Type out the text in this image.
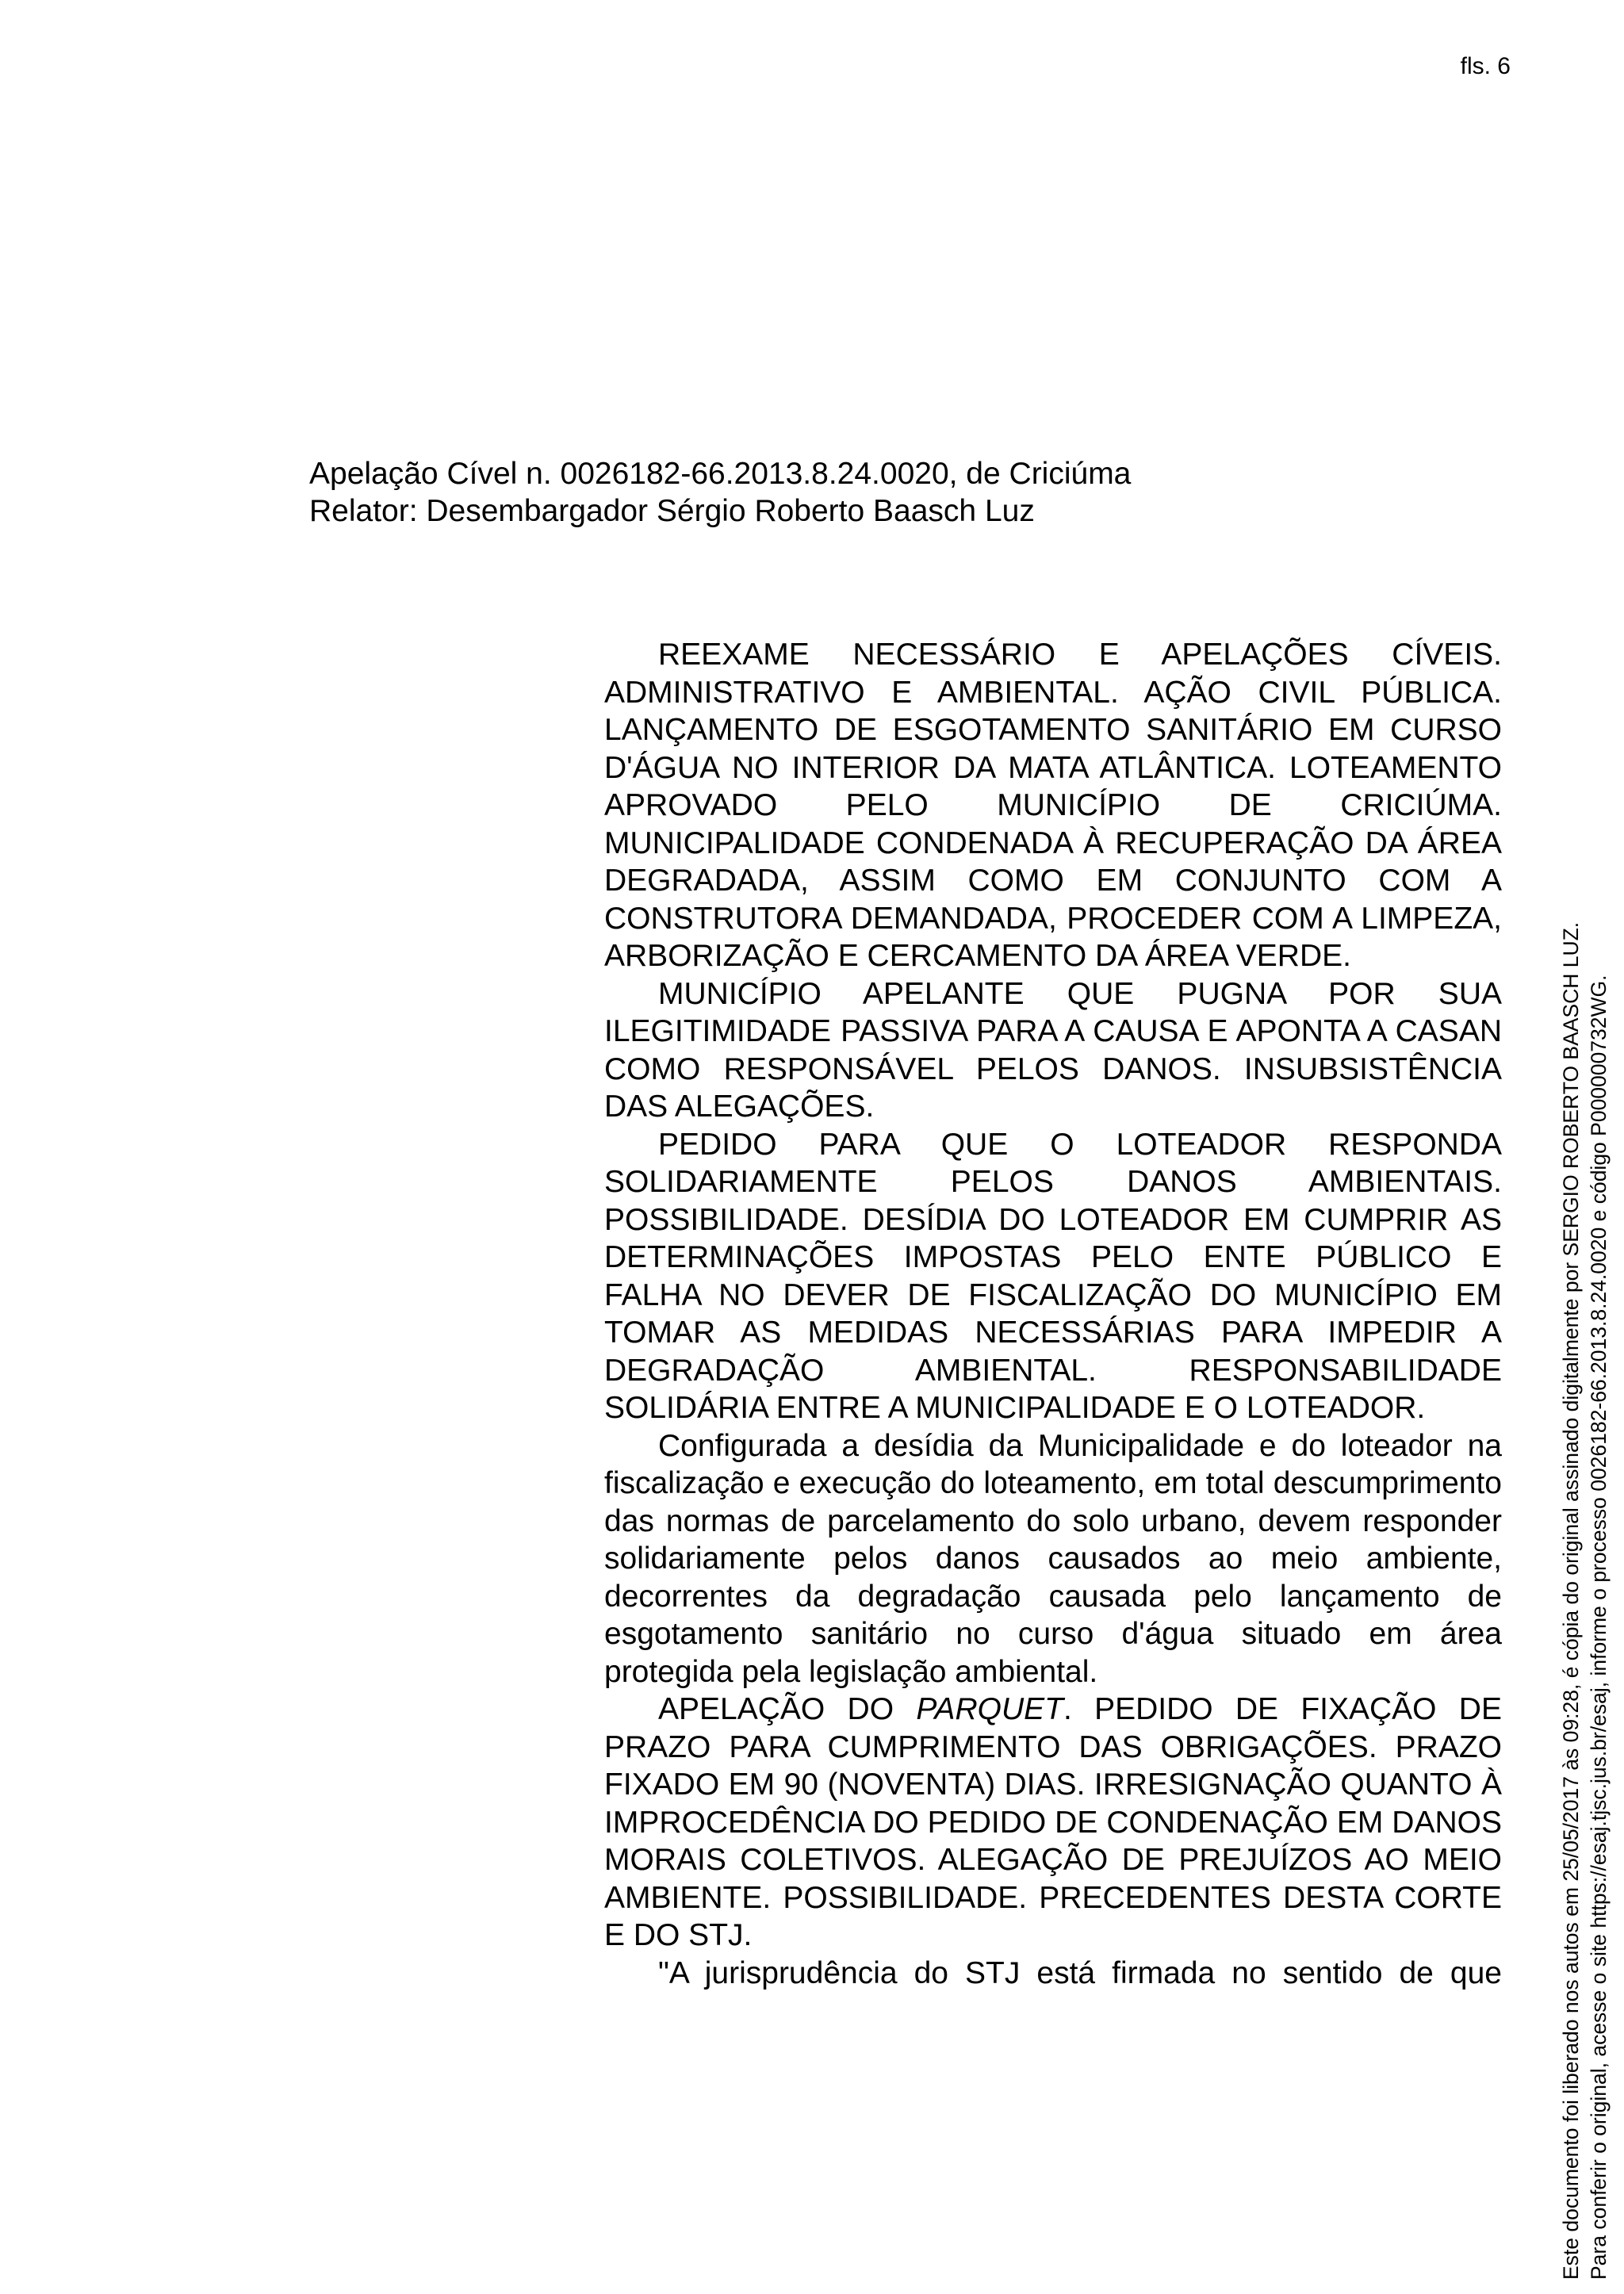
fls. 6
Apelação Cível n. 0026182-66.2013.8.24.0020, de Criciúma
Relator: Desembargador Sérgio Roberto Baasch Luz

REEXAME NECESSÁRIO E APELAÇÕES CÍVEIS. ADMINISTRATIVO E AMBIENTAL. AÇÃO CIVIL PÚBLICA. LANÇAMENTO DE ESGOTAMENTO SANITÁRIO EM CURSO D'ÁGUA NO INTERIOR DA MATA ATLÂNTICA. LOTEAMENTO APROVADO PELO MUNICÍPIO DE CRICIÚMA. MUNICIPALIDADE CONDENADA À RECUPERAÇÃO DA ÁREA DEGRADADA, ASSIM COMO EM CONJUNTO COM A CONSTRUTORA DEMANDADA, PROCEDER COM A LIMPEZA, ARBORIZAÇÃO E CERCAMENTO DA ÁREA VERDE.

MUNICÍPIO APELANTE QUE PUGNA POR SUA ILEGITIMIDADE PASSIVA PARA A CAUSA E APONTA A CASAN COMO RESPONSÁVEL PELOS DANOS. INSUBSISTÊNCIA DAS ALEGAÇÕES.

PEDIDO PARA QUE O LOTEADOR RESPONDA SOLIDARIAMENTE PELOS DANOS AMBIENTAIS. POSSIBILIDADE. DESÍDIA DO LOTEADOR EM CUMPRIR AS DETERMINAÇÕES IMPOSTAS PELO ENTE PÚBLICO E FALHA NO DEVER DE FISCALIZAÇÃO DO MUNICÍPIO EM TOMAR AS MEDIDAS NECESSÁRIAS PARA IMPEDIR A DEGRADAÇÃO AMBIENTAL. RESPONSABILIDADE SOLIDÁRIA ENTRE A MUNICIPALIDADE E O LOTEADOR.

Configurada a desídia da Municipalidade e do loteador na fiscalização e execução do loteamento, em total descumprimento das normas de parcelamento do solo urbano, devem responder solidariamente pelos danos causados ao meio ambiente, decorrentes da degradação causada pelo lançamento de esgotamento sanitário no curso d'água situado em área protegida pela legislação ambiental.

APELAÇÃO DO PARQUET. PEDIDO DE FIXAÇÃO DE PRAZO PARA CUMPRIMENTO DAS OBRIGAÇÕES. PRAZO FIXADO EM 90 (NOVENTA) DIAS. IRRESIGNAÇÃO QUANTO À IMPROCEDÊNCIA DO PEDIDO DE CONDENAÇÃO EM DANOS MORAIS COLETIVOS. ALEGAÇÃO DE PREJUÍZOS AO MEIO AMBIENTE. POSSIBILIDADE. PRECEDENTES DESTA CORTE E DO STJ.

"A jurisprudência do STJ está firmada no sentido de que	Este documento foi liberado nos autos em 25/05/2017 às 09:28, é cópia do original assinado digitalmente por SERGIO ROBERTO BAASCH LUZ. Para conferir o original, acesse o site https://esaj.tjsc.jus.br/esaj, informe o processo 0026182-66.2013.8.24.0020 e código P000000732WG.
